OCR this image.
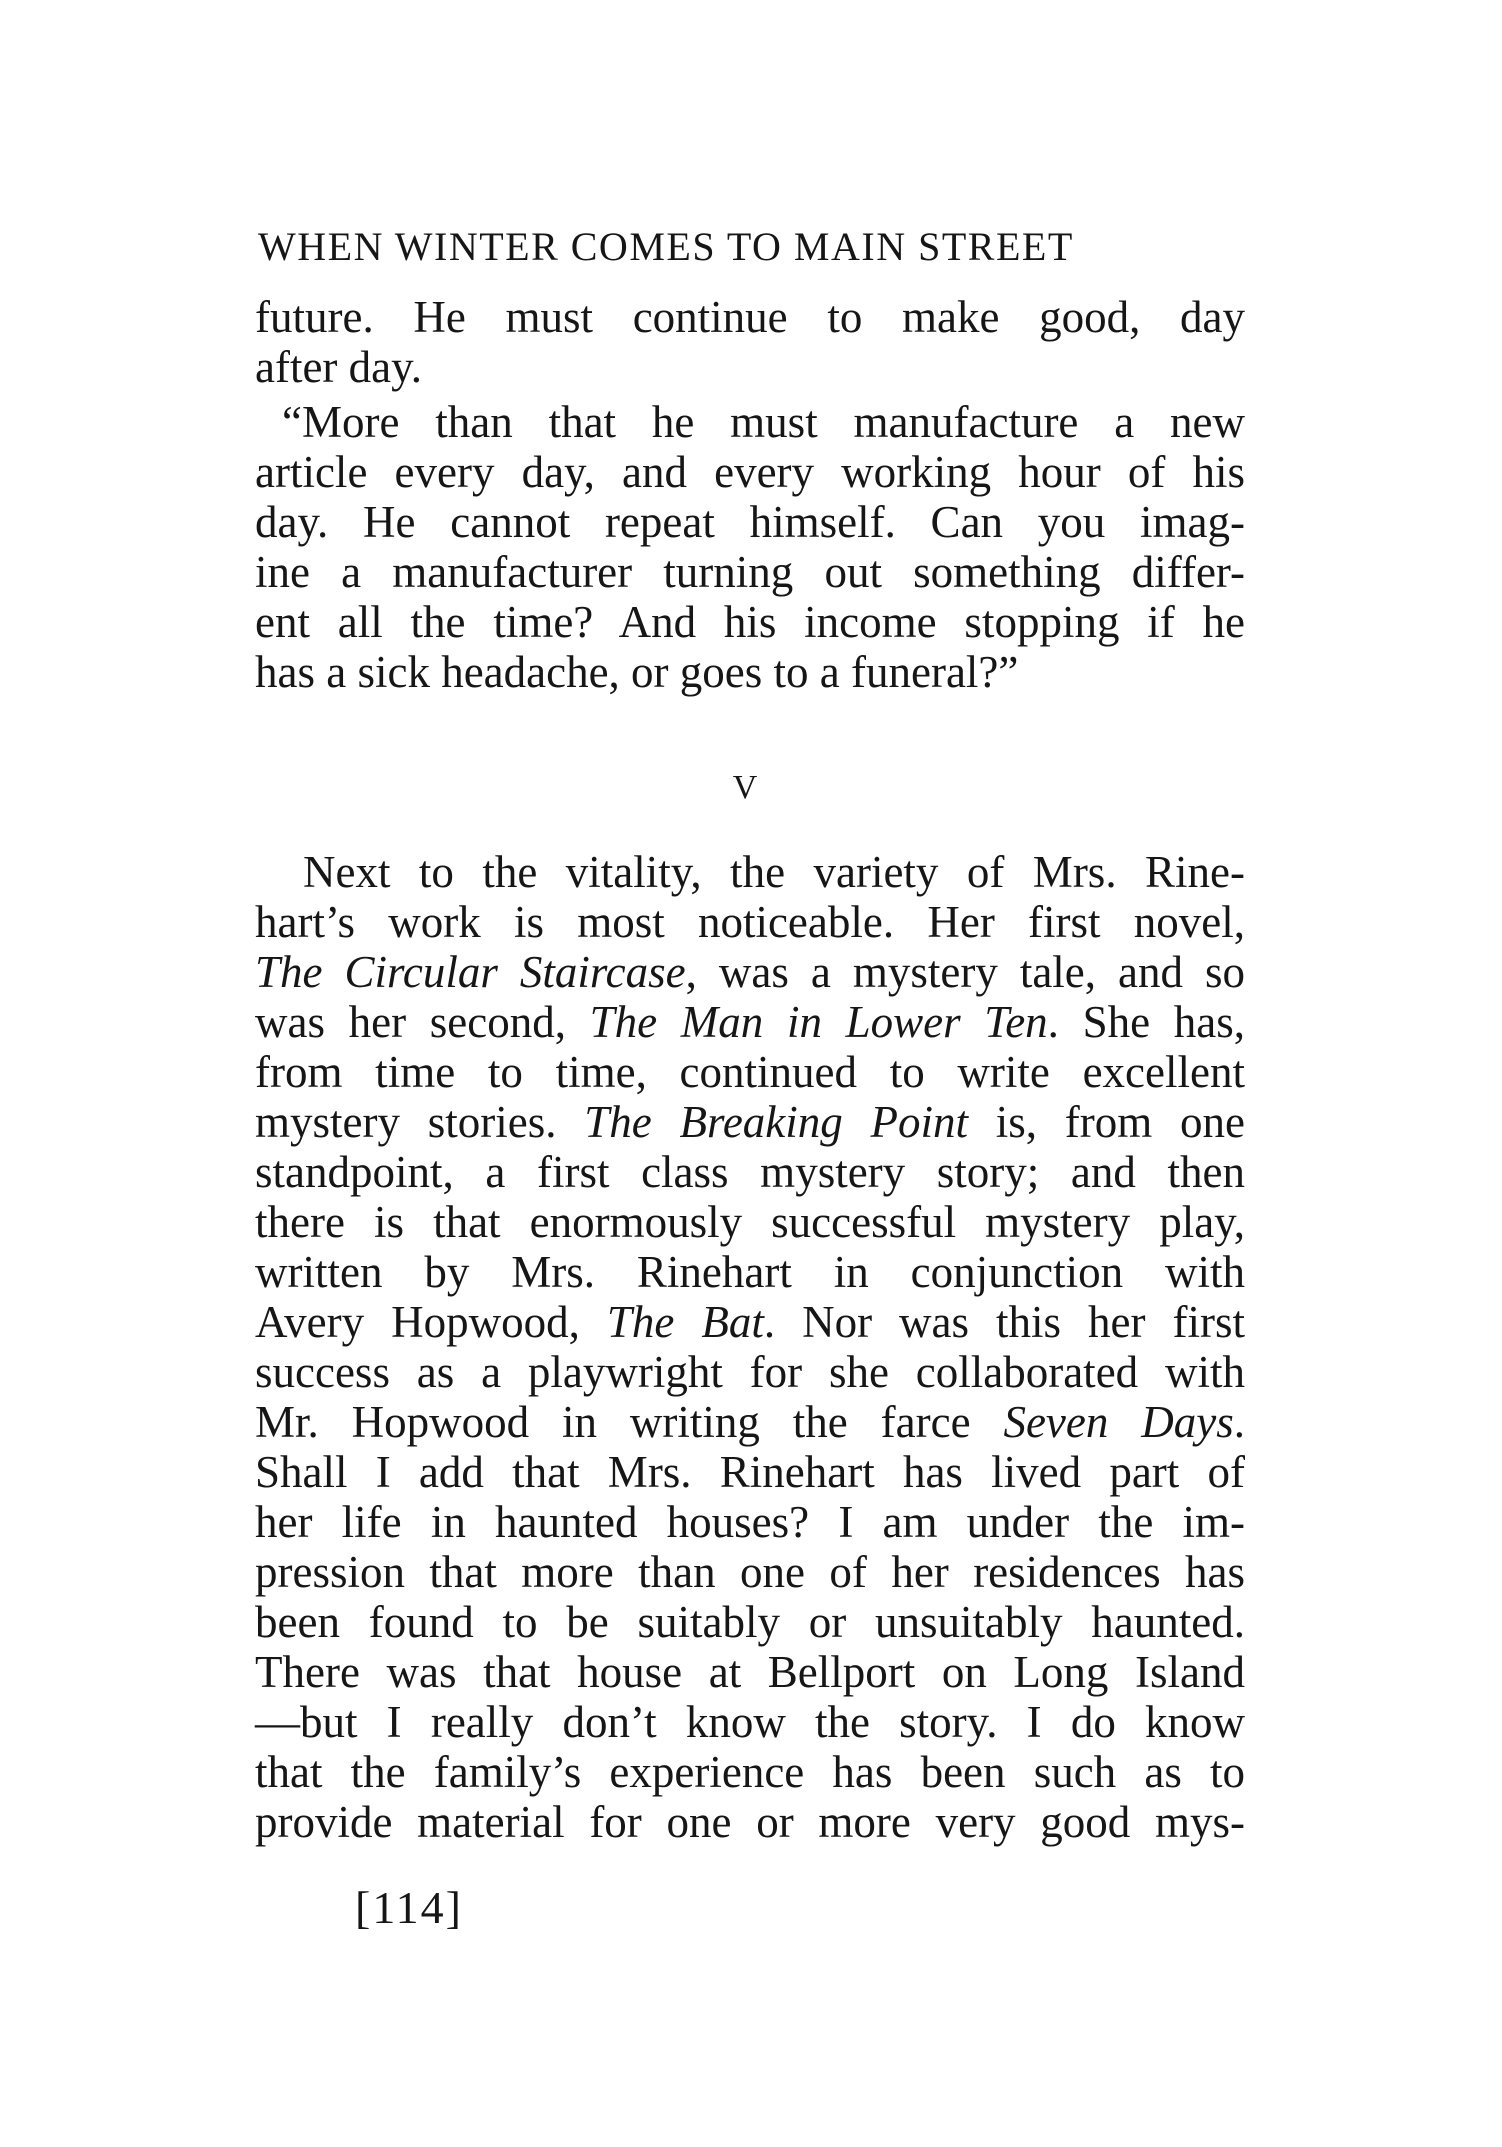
WHEN WINTER COMES TO MAIN STREET
future. He must continue to make good, day
after day.
“More than that he must manufacture a new
article every day, and every working hour of his
day. He cannot repeat himself. Can you imag-
ine a manufacturer turning out something differ-
ent all the time? And his income stopping if he
has a sick headache, or goes to a funeral?”
V
Next to the vitality, the variety of Mrs. Rine-
hart’s work is most noticeable. Her first novel,
The Circular Staircase, was a mystery tale, and so
was her second, The Man in Lower Ten. She has,
from time to time, continued to write excellent
mystery stories. The Breaking Point is, from one
standpoint, a first class mystery story; and then
there is that enormously successful mystery play,
written by Mrs. Rinehart in conjunction with
Avery Hopwood, The Bat. Nor was this her first
success as a playwright for she collaborated with
Mr. Hopwood in writing the farce Seven Days.
Shall I add that Mrs. Rinehart has lived part of
her life in haunted houses? I am under the im-
pression that more than one of her residences has
been found to be suitably or unsuitably haunted.
There was that house at Bellport on Long Island
—but I really don’t know the story. I do know
that the family’s experience has been such as to
provide material for one or more very good mys-
[114]
